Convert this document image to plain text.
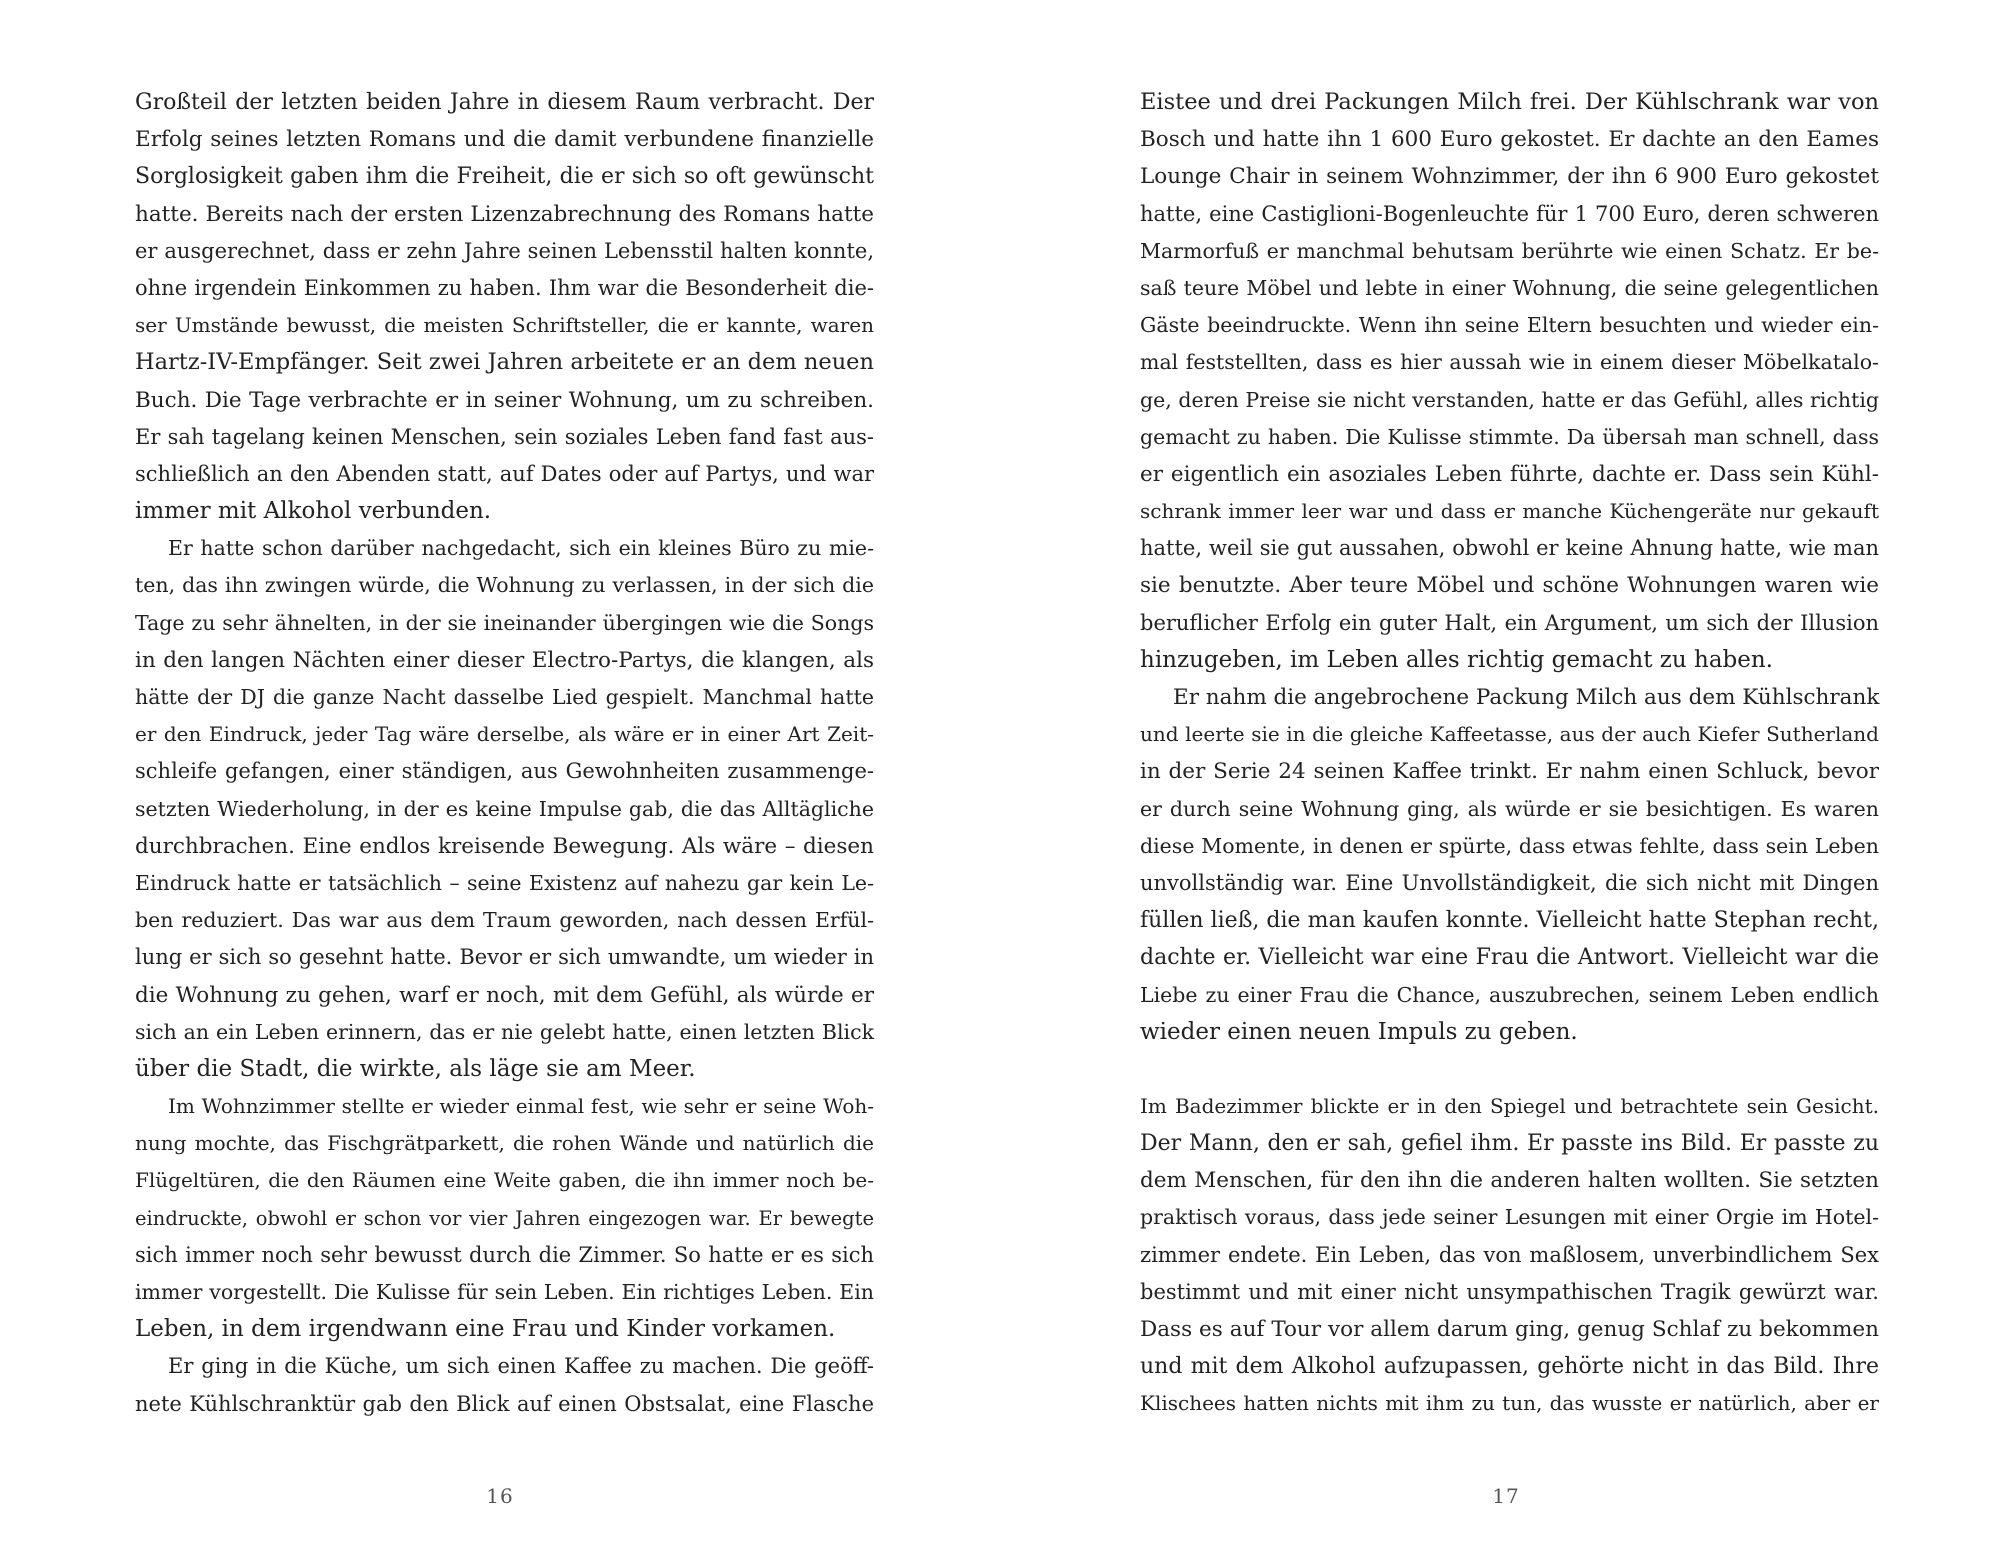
Großteil der letzten beiden Jahre in diesem Raum verbracht. Der
Erfolg seines letzten Romans und die damit verbundene finanzielle
Sorglosigkeit gaben ihm die Freiheit, die er sich so oft gewünscht
hatte. Bereits nach der ersten Lizenzabrechnung des Romans hatte
er ausgerechnet, dass er zehn Jahre seinen Lebensstil halten konnte,
ohne irgendein Einkommen zu haben. Ihm war die Besonderheit die-
ser Umstände bewusst, die meisten Schriftsteller, die er kannte, waren
Hartz-IV-Empfänger. Seit zwei Jahren arbeitete er an dem neuen
Buch. Die Tage verbrachte er in seiner Wohnung, um zu schreiben.
Er sah tagelang keinen Menschen, sein soziales Leben fand fast aus-
schließlich an den Abenden statt, auf Dates oder auf Partys, und war
immer mit Alkohol verbunden.
Er hatte schon darüber nachgedacht, sich ein kleines Büro zu mie-
ten, das ihn zwingen würde, die Wohnung zu verlassen, in der sich die
Tage zu sehr ähnelten, in der sie ineinander übergingen wie die Songs
in den langen Nächten einer dieser Electro-Partys, die klangen, als
hätte der DJ die ganze Nacht dasselbe Lied gespielt. Manchmal hatte
er den Eindruck, jeder Tag wäre derselbe, als wäre er in einer Art Zeit-
schleife gefangen, einer ständigen, aus Gewohnheiten zusammenge-
setzten Wiederholung, in der es keine Impulse gab, die das Alltägliche
durchbrachen. Eine endlos kreisende Bewegung. Als wäre – diesen
Eindruck hatte er tatsächlich – seine Existenz auf nahezu gar kein Le-
ben reduziert. Das war aus dem Traum geworden, nach dessen Erfül-
lung er sich so gesehnt hatte. Bevor er sich umwandte, um wieder in
die Wohnung zu gehen, warf er noch, mit dem Gefühl, als würde er
sich an ein Leben erinnern, das er nie gelebt hatte, einen letzten Blick
über die Stadt, die wirkte, als läge sie am Meer.
Im Wohnzimmer stellte er wieder einmal fest, wie sehr er seine Woh-
nung mochte, das Fischgrätparkett, die rohen Wände und natürlich die
Flügeltüren, die den Räumen eine Weite gaben, die ihn immer noch be-
eindruckte, obwohl er schon vor vier Jahren eingezogen war. Er bewegte
sich immer noch sehr bewusst durch die Zimmer. So hatte er es sich
immer vorgestellt. Die Kulisse für sein Leben. Ein richtiges Leben. Ein
Leben, in dem irgendwann eine Frau und Kinder vorkamen.
Er ging in die Küche, um sich einen Kaffee zu machen. Die geöff-
nete Kühlschranktür gab den Blick auf einen Obstsalat, eine Flasche
16
Eistee und drei Packungen Milch frei. Der Kühlschrank war von
Bosch und hatte ihn 1 600 Euro gekostet. Er dachte an den Eames
Lounge Chair in seinem Wohnzimmer, der ihn 6 900 Euro gekostet
hatte, eine Castiglioni-Bogenleuchte für 1 700 Euro, deren schweren
Marmorfuß er manchmal behutsam berührte wie einen Schatz. Er be-
saß teure Möbel und lebte in einer Wohnung, die seine gelegentlichen
Gäste beeindruckte. Wenn ihn seine Eltern besuchten und wieder ein-
mal feststellten, dass es hier aussah wie in einem dieser Möbelkatalo-
ge, deren Preise sie nicht verstanden, hatte er das Gefühl, alles richtig
gemacht zu haben. Die Kulisse stimmte. Da übersah man schnell, dass
er eigentlich ein asoziales Leben führte, dachte er. Dass sein Kühl-
schrank immer leer war und dass er manche Küchengeräte nur gekauft
hatte, weil sie gut aussahen, obwohl er keine Ahnung hatte, wie man
sie benutzte. Aber teure Möbel und schöne Wohnungen waren wie
beruflicher Erfolg ein guter Halt, ein Argument, um sich der Illusion
hinzugeben, im Leben alles richtig gemacht zu haben.
Er nahm die angebrochene Packung Milch aus dem Kühlschrank
und leerte sie in die gleiche Kaffeetasse, aus der auch Kiefer Sutherland
in der Serie 24 seinen Kaffee trinkt. Er nahm einen Schluck, bevor
er durch seine Wohnung ging, als würde er sie besichtigen. Es waren
diese Momente, in denen er spürte, dass etwas fehlte, dass sein Leben
unvollständig war. Eine Unvollständigkeit, die sich nicht mit Dingen
füllen ließ, die man kaufen konnte. Vielleicht hatte Stephan recht,
dachte er. Vielleicht war eine Frau die Antwort. Vielleicht war die
Liebe zu einer Frau die Chance, auszubrechen, seinem Leben endlich
wieder einen neuen Impuls zu geben.
Im Badezimmer blickte er in den Spiegel und betrachtete sein Gesicht.
Der Mann, den er sah, gefiel ihm. Er passte ins Bild. Er passte zu
dem Menschen, für den ihn die anderen halten wollten. Sie setzten
praktisch voraus, dass jede seiner Lesungen mit einer Orgie im Hotel-
zimmer endete. Ein Leben, das von maßlosem, unverbindlichem Sex
bestimmt und mit einer nicht unsympathischen Tragik gewürzt war.
Dass es auf Tour vor allem darum ging, genug Schlaf zu bekommen
und mit dem Alkohol aufzupassen, gehörte nicht in das Bild. Ihre
Klischees hatten nichts mit ihm zu tun, das wusste er natürlich, aber er
17
